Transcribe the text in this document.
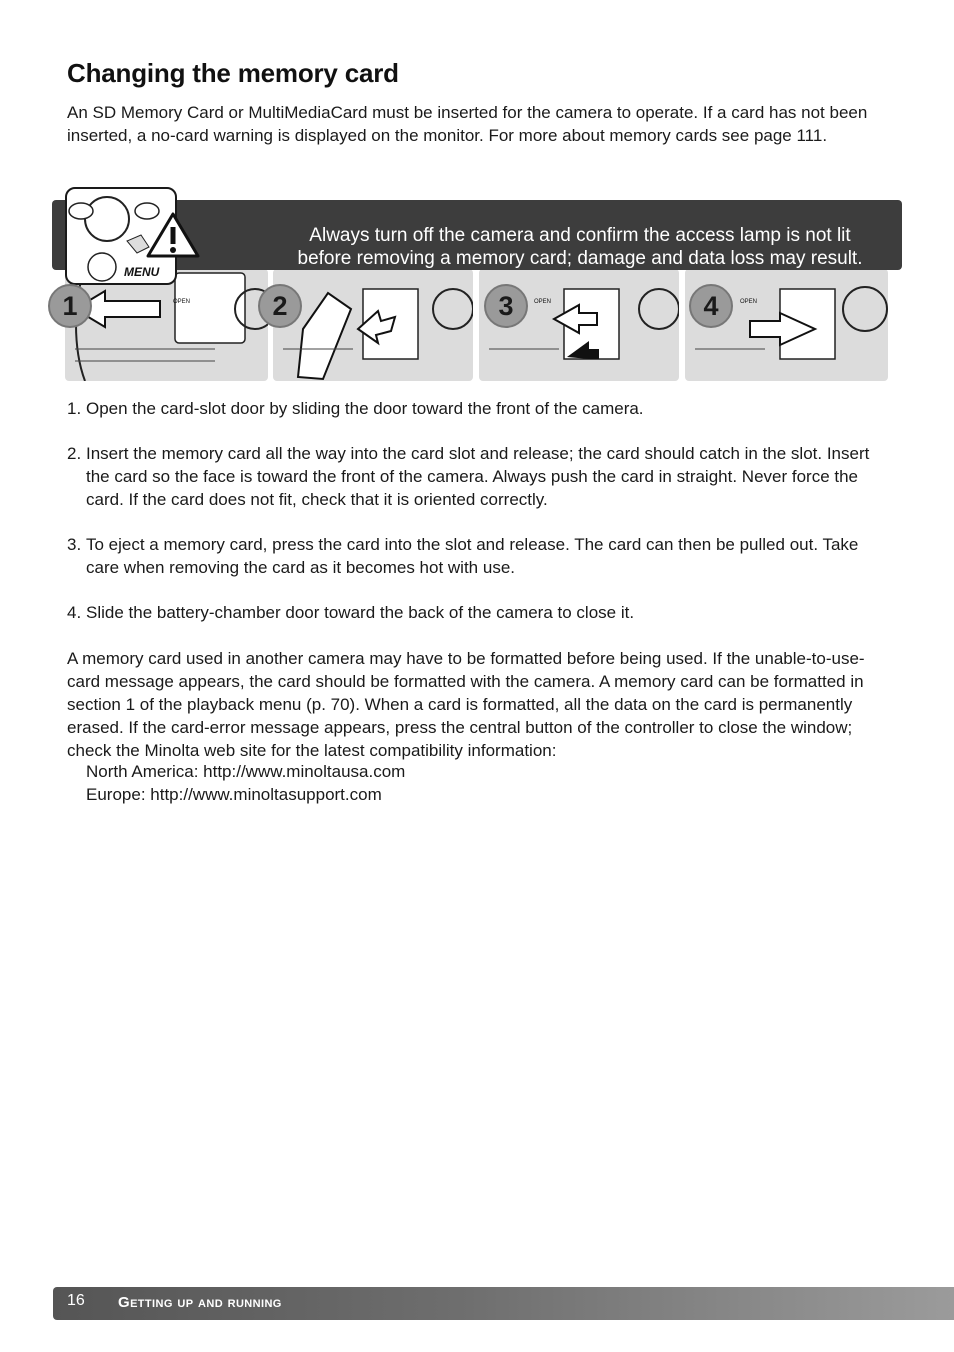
Changing the memory card

An SD Memory Card or MultiMediaCard must be inserted for the camera to operate. If a card has not been inserted, a no-card warning is displayed on the monitor. For more about memory cards see page 111.

OPEN	OPEN	OPEN
Always turn off the camera and confirm the access lamp is not lit
before removing a memory card; damage and data loss may result.
MENU
1	2	3	4
1. Open the card-slot door by sliding the door toward the front of the camera.
2. Insert the memory card all the way into the card slot and release; the card should catch in the slot. Insert the card so the face is toward the front of the camera. Always push the card in straight. Never force the card. If the card does not fit, check that it is oriented correctly.
3. To eject a memory card, press the card into the slot and release. The card can then be pulled out. Take care when removing the card as it becomes hot with use.
4. Slide the battery-chamber door toward the back of the camera to close it.

A memory card used in another camera may have to be formatted before being used. If the unable-to-use-card message appears, the card should be formatted with the camera. A memory card can be formatted in section 1 of the playback menu (p. 70). When a card is formatted, all the data on the card is permanently erased. If the card-error message appears, press the central button of the controller to close the window; check the Minolta web site for the latest compatibility information:

North America: http://www.minoltausa.com
Europe: http://www.minoltasupport.com
16 Getting up and running
